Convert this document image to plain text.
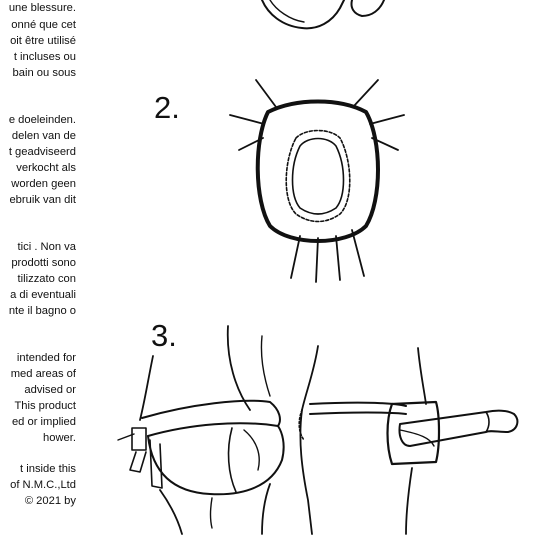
une blessure.
onné que cet
oit être utilisé
t incluses ou
bain ou sous
e doeleinden.
delen van de
t geadviseerd
verkocht als
worden geen
ebruik van dit
tici . Non va
prodotti sono
tilizzato con
a di eventuali
nte il bagno o
intended for
med areas of
advised or
This product
ed or implied
hower.
t inside this
of N.M.C.,Ltd
© 2021 by
2.
3.
